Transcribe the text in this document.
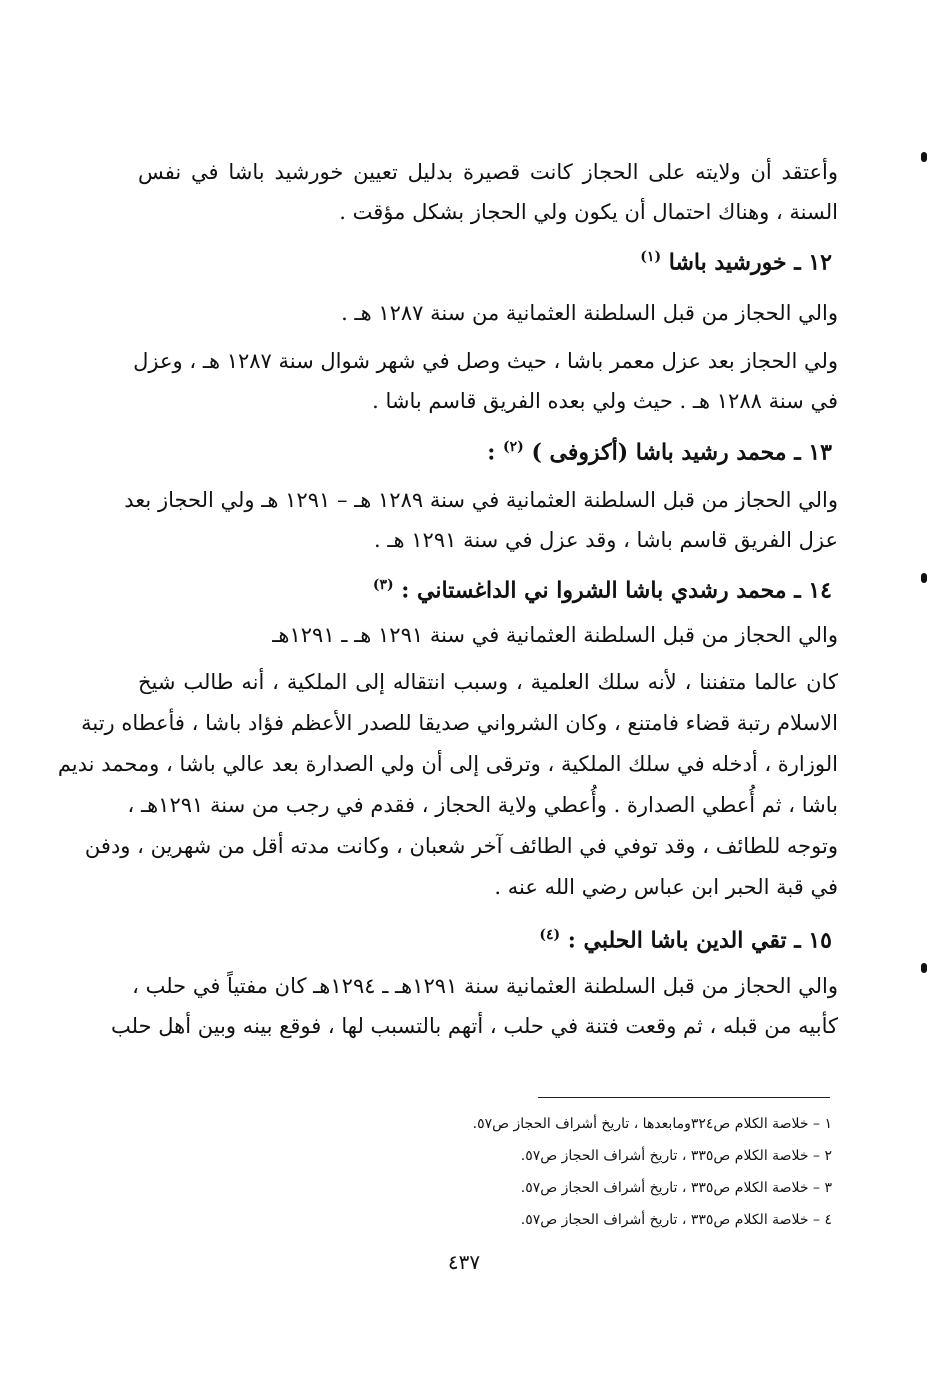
وأعتقد أن ولايته على الحجاز كانت قصيرة بدليل تعيين خورشيد باشا في نفس
السنة ، وهناك احتمال أن يكون ولي الحجاز بشكل مؤقت .
١٢ ـ خورشيد باشا $^{(١)}$
والي الحجاز من قبل السلطنة العثمانية من سنة ١٢٨٧ هـ .
ولي الحجاز بعد عزل معمر باشا ، حيث وصل في شهر شوال سنة ١٢٨٧ هـ ، وعزل
في سنة ١٢٨٨ هـ . حيث ولي بعده الفريق قاسم باشا .
١٣ ـ محمد رشيد باشا (أكزوفى ) $^{(٢)}$ :
والي الحجاز من قبل السلطنة العثمانية في سنة ١٢٨٩ هـ – ١٢٩١ هـ ولي الحجاز بعد
عزل الفريق قاسم باشا ، وقد عزل في سنة ١٢٩١ هـ .
١٤ ـ محمد رشدي باشا الشروا ني الداغستاني : $^{(٣)}$
والي الحجاز من قبل السلطنة العثمانية في سنة ١٢٩١ هـ ـ ١٢٩١هـ
كان عالما متفننا ، لأنه سلك العلمية ، وسبب انتقاله إلى الملكية ، أنه طالب شيخ
الاسلام رتبة قضاء فامتنع ، وكان الشرواني صديقا للصدر الأعظم فؤاد باشا ، فأعطاه رتبة
الوزارة ، أدخله في سلك الملكية ، وترقى إلى أن ولي الصدارة بعد عالي باشا ، ومحمد نديم
باشا ، ثم أُعطي الصدارة . وأُعطي ولاية الحجاز ، فقدم في رجب من سنة ١٢٩١هـ ،
وتوجه للطائف ، وقد توفي في الطائف آخر شعبان ، وكانت مدته أقل من شهرين ، ودفن
في قبة الحبر ابن عباس رضي الله عنه .
١٥ ـ تقي الدين باشا الحلبي : $^{(٤)}$
والي الحجاز من قبل السلطنة العثمانية سنة ١٢٩١هـ ـ ١٢٩٤هـ كان مفتياً في حلب ،
كأبيه من قبله ، ثم وقعت فتنة في حلب ، أتهم بالتسبب لها ، فوقع بينه وبين أهل حلب
١ – خلاصة الكلام ص٣٢٤ومابعدها ، تاريخ أشراف الحجاز ص٥٧.
٢ – خلاصة الكلام ص٣٣٥ ، تاريخ أشراف الحجاز ص٥٧.
٣ – خلاصة الكلام ص٣٣٥ ، تاريخ أشراف الحجاز ص٥٧.
٤ – خلاصة الكلام ص٣٣٥ ، تاريخ أشراف الحجاز ص٥٧.
٤٣٧
